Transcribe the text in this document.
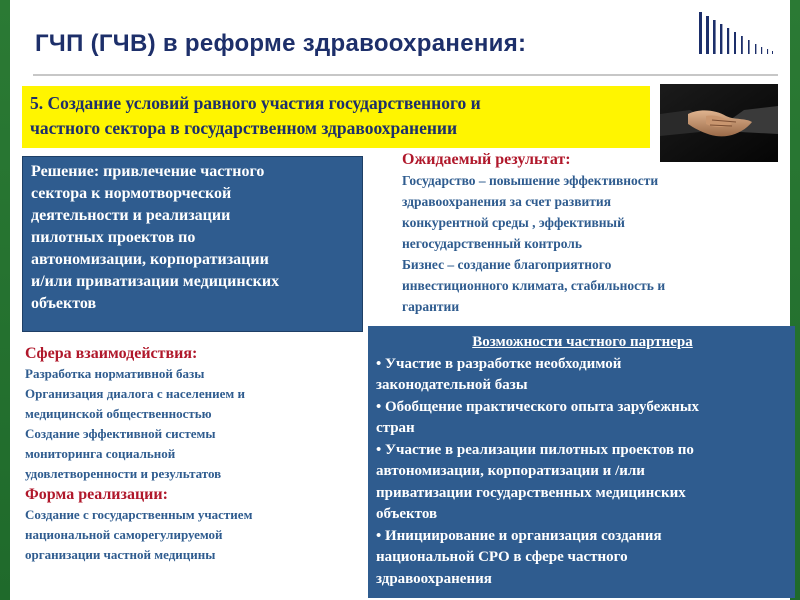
ГЧП (ГЧВ) в реформе здравоохранения:
5. Создание условий равного участия государственного и
частного сектора в государственном здравоохранении
Решение: привлечение частного
сектора к нормотворческой
деятельности и реализации
пилотных проектов по
автономизации, корпоратизации
и/или приватизации медицинских
объектов
Ожидаемый результат:
Государство – повышение эффективности
здравоохранения за счет развития
конкурентной среды , эффективный
негосударственный контроль
Бизнес – создание благоприятного
инвестиционного климата, стабильность и
гарантии
Сфера взаимодействия:
Разработка нормативной базы
Организация диалога с населением и
медицинской общественностью
Создание эффективной системы
мониторинга социальной
удовлетворенности и результатов
Форма реализации:
Создание с государственным участием
национальной саморегулируемой
организации частной медицины
Возможности частного партнера
• Участие в разработке необходимой
законодательной базы
• Обобщение практического опыта зарубежных
стран
• Участие в реализации пилотных проектов по
автономизации, корпоратизации и /или
приватизации государственных медицинских
объектов
• Инициирование и организация создания
национальной СРО в сфере частного
здравоохранения
